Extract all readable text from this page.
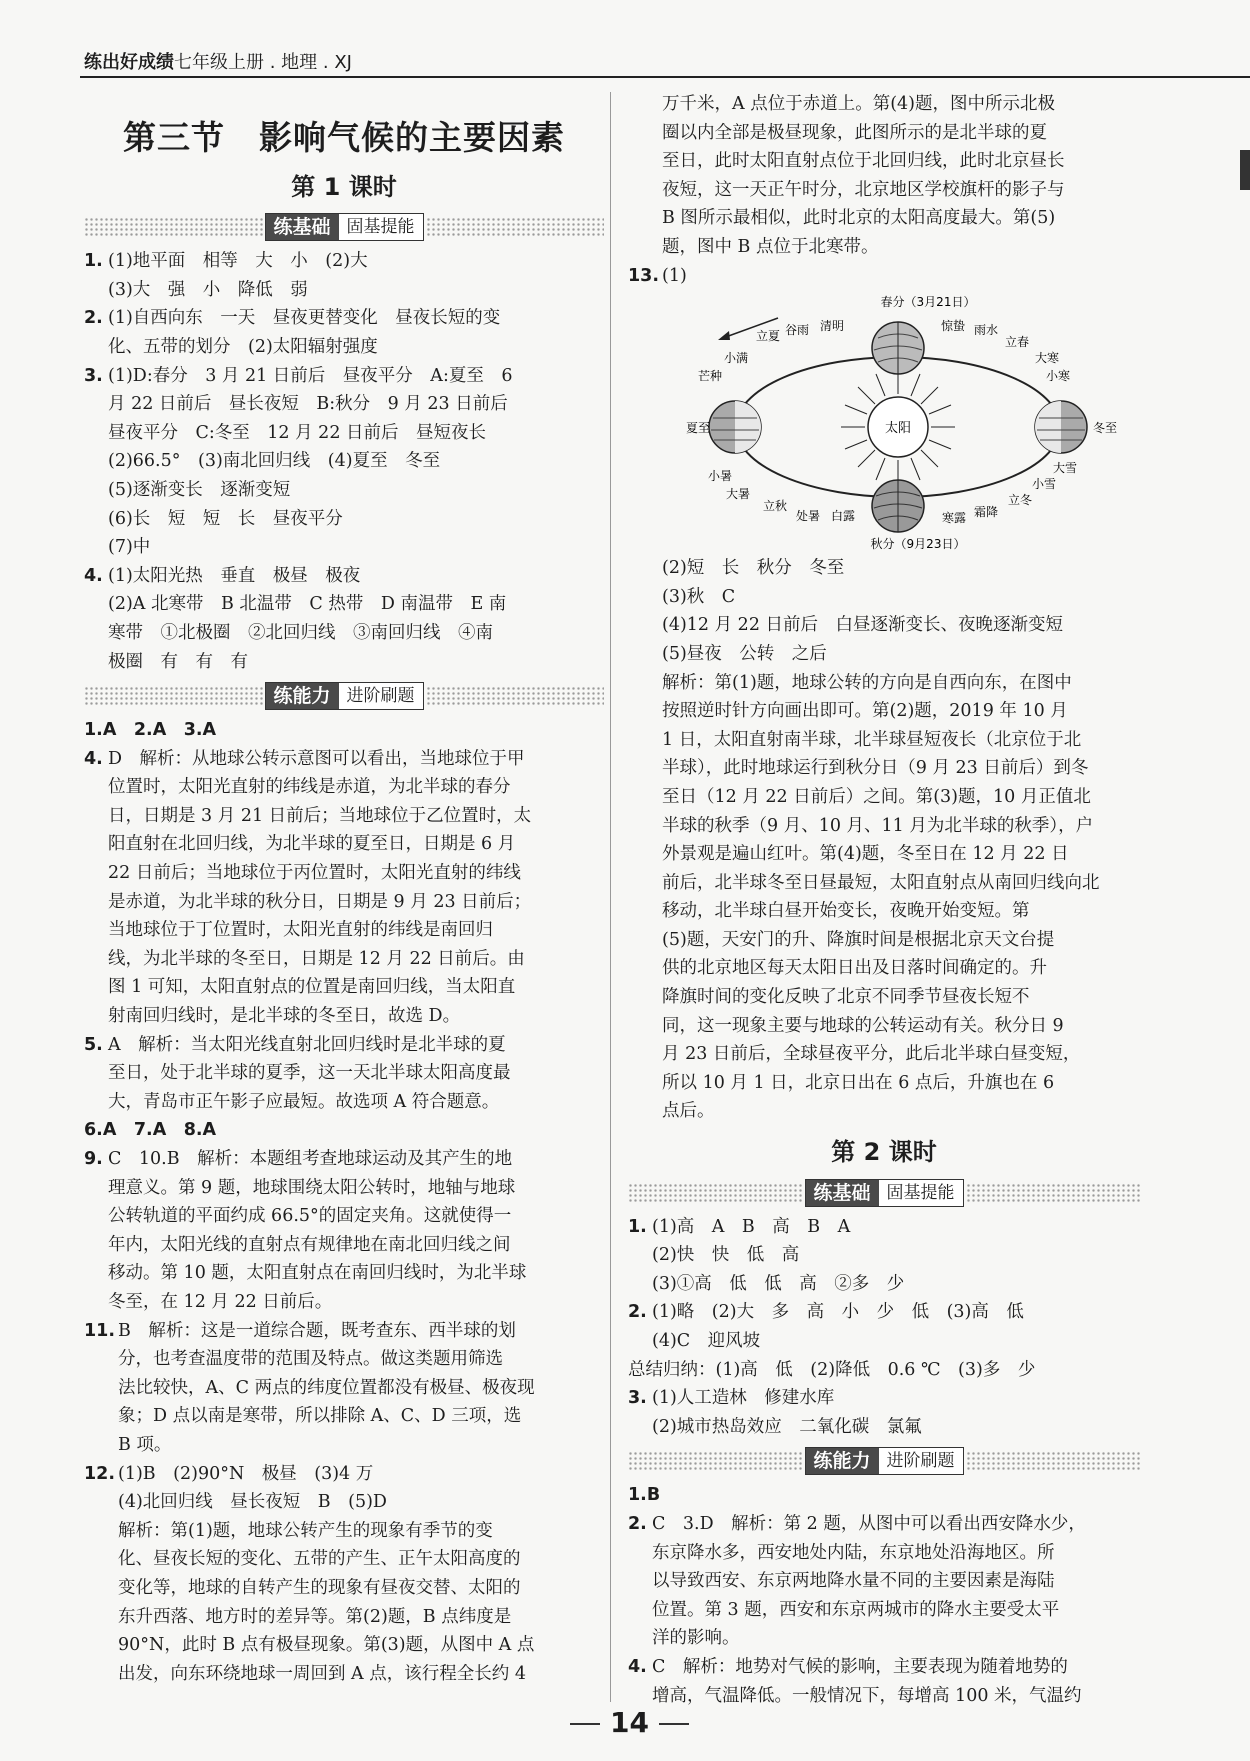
练出好成绩七年级上册 . 地理 . XJ
第三节　影响气候的主要因素
第 1 课时
练基础 固基提能
1. (1)地平面　相等　大　小　(2)大
(3)大　强　小　降低　弱
2. (1)自西向东　一天　昼夜更替变化　昼夜长短的变
化、五带的划分　(2)太阳辐射强度
3. (1)D:春分　3 月 21 日前后　昼夜平分　A:夏至　6
月 22 日前后　昼长夜短　B:秋分　9 月 23 日前后
昼夜平分　C:冬至　12 月 22 日前后　昼短夜长
(2)66.5°　(3)南北回归线　(4)夏至　冬至
(5)逐渐变长　逐渐变短
(6)长　短　短　长　昼夜平分
(7)中
4. (1)太阳光热　垂直　极昼　极夜
(2)A 北寒带　B 北温带　C 热带　D 南温带　E 南
寒带　①北极圈　②北回归线　③南回归线　④南
极圈　有　有　有
练能力 进阶刷题
1.A　2.A　3.A
4. D　解析：从地球公转示意图可以看出，当地球位于甲
位置时，太阳光直射的纬线是赤道，为北半球的春分
日，日期是 3 月 21 日前后；当地球位于乙位置时，太
阳直射在北回归线，为北半球的夏至日，日期是 6 月
22 日前后；当地球位于丙位置时，太阳光直射的纬线
是赤道，为北半球的秋分日，日期是 9 月 23 日前后；
当地球位于丁位置时，太阳光直射的纬线是南回归
线，为北半球的冬至日，日期是 12 月 22 日前后。由
图 1 可知，太阳直射点的位置是南回归线，当太阳直
射南回归线时，是北半球的冬至日，故选 D。
5. A　解析：当太阳光线直射北回归线时是北半球的夏
至日，处于北半球的夏季，这一天北半球太阳高度最
大，青岛市正午影子应最短。故选项 A 符合题意。
6.A　7.A　8.A
9. C　10.B　解析：本题组考查地球运动及其产生的地
理意义。第 9 题，地球围绕太阳公转时，地轴与地球
公转轨道的平面约成 66.5°的固定夹角。这就使得一
年内，太阳光线的直射点有规律地在南北回归线之间
移动。第 10 题，太阳直射点在南回归线时，为北半球
冬至，在 12 月 22 日前后。
11. B　解析：这是一道综合题，既考查东、西半球的划
分，也考查温度带的范围及特点。做这类题用筛选
法比较快，A、C 两点的纬度位置都没有极昼、极夜现
象；D 点以南是寒带，所以排除 A、C、D 三项，选
B 项。
12. (1)B　(2)90°N　极昼　(3)4 万
(4)北回归线　昼长夜短　B　(5)D
解析：第(1)题，地球公转产生的现象有季节的变
化、昼夜长短的变化、五带的产生、正午太阳高度的
变化等，地球的自转产生的现象有昼夜交替、太阳的
东升西落、地方时的差异等。第(2)题，B 点纬度是
90°N，此时 B 点有极昼现象。第(3)题，从图中 A 点
出发，向东环绕地球一周回到 A 点，该行程全长约 4
万千米，A 点位于赤道上。第(4)题，图中所示北极
圈以内全部是极昼现象，此图所示的是北半球的夏
至日，此时太阳直射点位于北回归线，此时北京昼长
夜短，这一天正午时分，北京地区学校旗杆的影子与
B 图所示最相似，此时北京的太阳高度最大。第(5)
题，图中 B 点位于北寒带。
13. (1)
太阳
春分（3月21日）
秋分（9月23日）
夏至	冬至
立夏 谷雨 清明	惊蛰 雨水
立春
大寒
小寒
小满
芒种
小暑
大暑
立秋
处暑 白露	寒露 霜降
立冬
小雪
大雪
(2)短　长　秋分　冬至
(3)秋　C
(4)12 月 22 日前后　白昼逐渐变长、夜晚逐渐变短
(5)昼夜　公转　之后
解析：第(1)题，地球公转的方向是自西向东，在图中
按照逆时针方向画出即可。第(2)题，2019 年 10 月
1 日，太阳直射南半球，北半球昼短夜长（北京位于北
半球），此时地球运行到秋分日（9 月 23 日前后）到冬
至日（12 月 22 日前后）之间。第(3)题，10 月正值北
半球的秋季（9 月、10 月、11 月为北半球的秋季），户
外景观是遍山红叶。第(4)题，冬至日在 12 月 22 日
前后，北半球冬至日昼最短，太阳直射点从南回归线向北
移动，北半球白昼开始变长，夜晚开始变短。第
(5)题，天安门的升、降旗时间是根据北京天文台提
供的北京地区每天太阳日出及日落时间确定的。升
降旗时间的变化反映了北京不同季节昼夜长短不
同，这一现象主要与地球的公转运动有关。秋分日 9
月 23 日前后，全球昼夜平分，此后北半球白昼变短，
所以 10 月 1 日，北京日出在 6 点后，升旗也在 6
点后。
第 2 课时
练基础 固基提能
1. (1)高　A　B　高　B　A
(2)快　快　低　高
(3)①高　低　低　高　②多　少
2. (1)略　(2)大　多　高　小　少　低　(3)高　低
(4)C　迎风坡
总结归纳：(1)高　低　(2)降低　0.6 ℃　(3)多　少
3. (1)人工造林　修建水库
(2)城市热岛效应　二氧化碳　氯氟
练能力 进阶刷题
1.B
2. C　3.D　解析：第 2 题，从图中可以看出西安降水少，
东京降水多，西安地处内陆，东京地处沿海地区。所
以导致西安、东京两地降水量不同的主要因素是海陆
位置。第 3 题，西安和东京两城市的降水主要受太平
洋的影响。
4. C　解析：地势对气候的影响，主要表现为随着地势的
增高，气温降低。一般情况下，每增高 100 米，气温约
14
